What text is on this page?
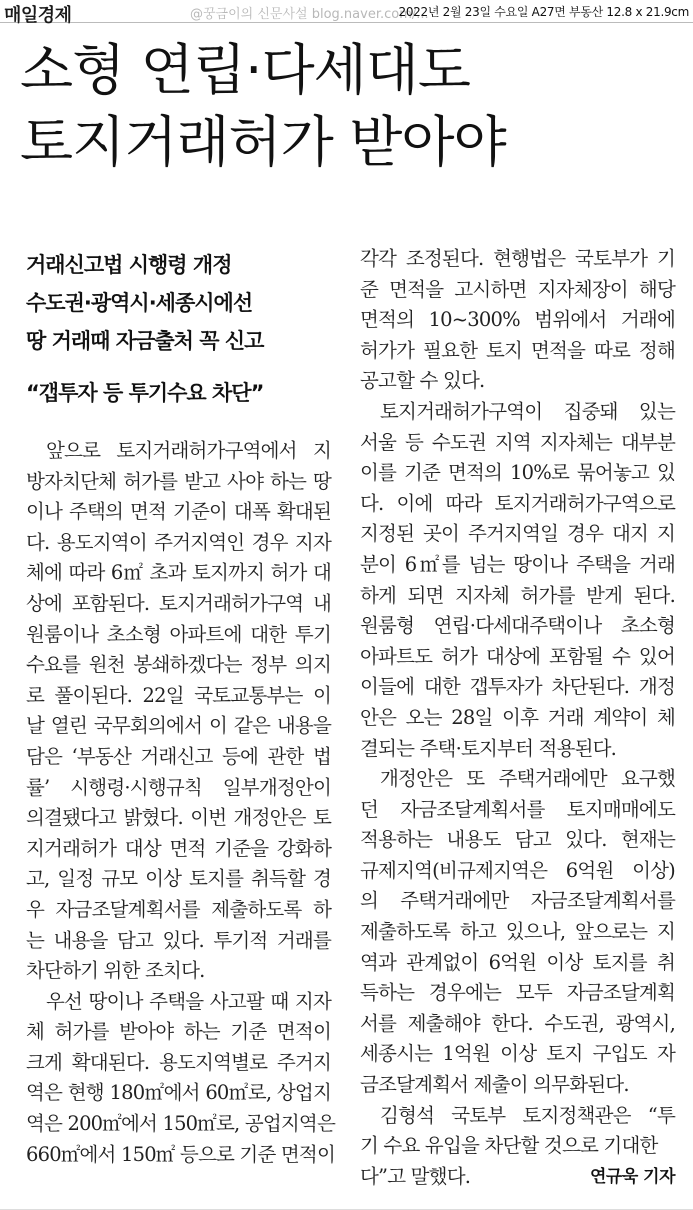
매일경제	@꿍금이의 신문사설 blog.naver.com/...
2022년 2월 23일 수요일 A27면 부동산 12.8 x 21.9cm
소형 연립·다세대도
토지거래허가 받아야
거래신고법 시행령 개정
수도권·광역시·세종시에선
땅 거래때 자금출처 꼭 신고
“갭투자 등 투기수요 차단”
앞으로 토지거래허가구역에서 지
방자치단체 허가를 받고 사야 하는 땅
이나 주택의 면적 기준이 대폭 확대된
다. 용도지역이 주거지역인 경우 지자
체에 따라 6㎡ 초과 토지까지 허가 대
상에 포함된다. 토지거래허가구역 내
원룸이나 초소형 아파트에 대한 투기
수요를 원천 봉쇄하겠다는 정부 의지
로 풀이된다. 22일 국토교통부는 이
날 열린 국무회의에서 이 같은 내용을
담은 ‘부동산 거래신고 등에 관한 법
률’ 시행령·시행규칙 일부개정안이
의결됐다고 밝혔다. 이번 개정안은 토
지거래허가 대상 면적 기준을 강화하
고, 일정 규모 이상 토지를 취득할 경
우 자금조달계획서를 제출하도록 하
는 내용을 담고 있다. 투기적 거래를
차단하기 위한 조치다.
우선 땅이나 주택을 사고팔 때 지자
체 허가를 받아야 하는 기준 면적이
크게 확대된다. 용도지역별로 주거지
역은 현행 180㎡에서 60㎡로, 상업지
역은 200㎡에서 150㎡로, 공업지역은
660㎡에서 150㎡ 등으로 기준 면적이
각각 조정된다. 현행법은 국토부가 기
준 면적을 고시하면 지자체장이 해당
면적의 10~300% 범위에서 거래에
허가가 필요한 토지 면적을 따로 정해
공고할 수 있다.
토지거래허가구역이 집중돼 있는
서울 등 수도권 지역 지자체는 대부분
이를 기준 면적의 10%로 묶어놓고 있
다. 이에 따라 토지거래허가구역으로
지정된 곳이 주거지역일 경우 대지 지
분이 6㎡를 넘는 땅이나 주택을 거래
하게 되면 지자체 허가를 받게 된다.
원룸형 연립·다세대주택이나 초소형
아파트도 허가 대상에 포함될 수 있어
이들에 대한 갭투자가 차단된다. 개정
안은 오는 28일 이후 거래 계약이 체
결되는 주택·토지부터 적용된다.
개정안은 또 주택거래에만 요구했
던 자금조달계획서를 토지매매에도
적용하는 내용도 담고 있다. 현재는
규제지역(비규제지역은 6억원 이상)
의 주택거래에만 자금조달계획서를
제출하도록 하고 있으나, 앞으로는 지
역과 관계없이 6억원 이상 토지를 취
득하는 경우에는 모두 자금조달계획
서를 제출해야 한다. 수도권, 광역시,
세종시는 1억원 이상 토지 구입도 자
금조달계획서 제출이 의무화된다.
김형석 국토부 토지정책관은 “투
기 수요 유입을 차단할 것으로 기대한
다”고 말했다.	연규욱 기자
